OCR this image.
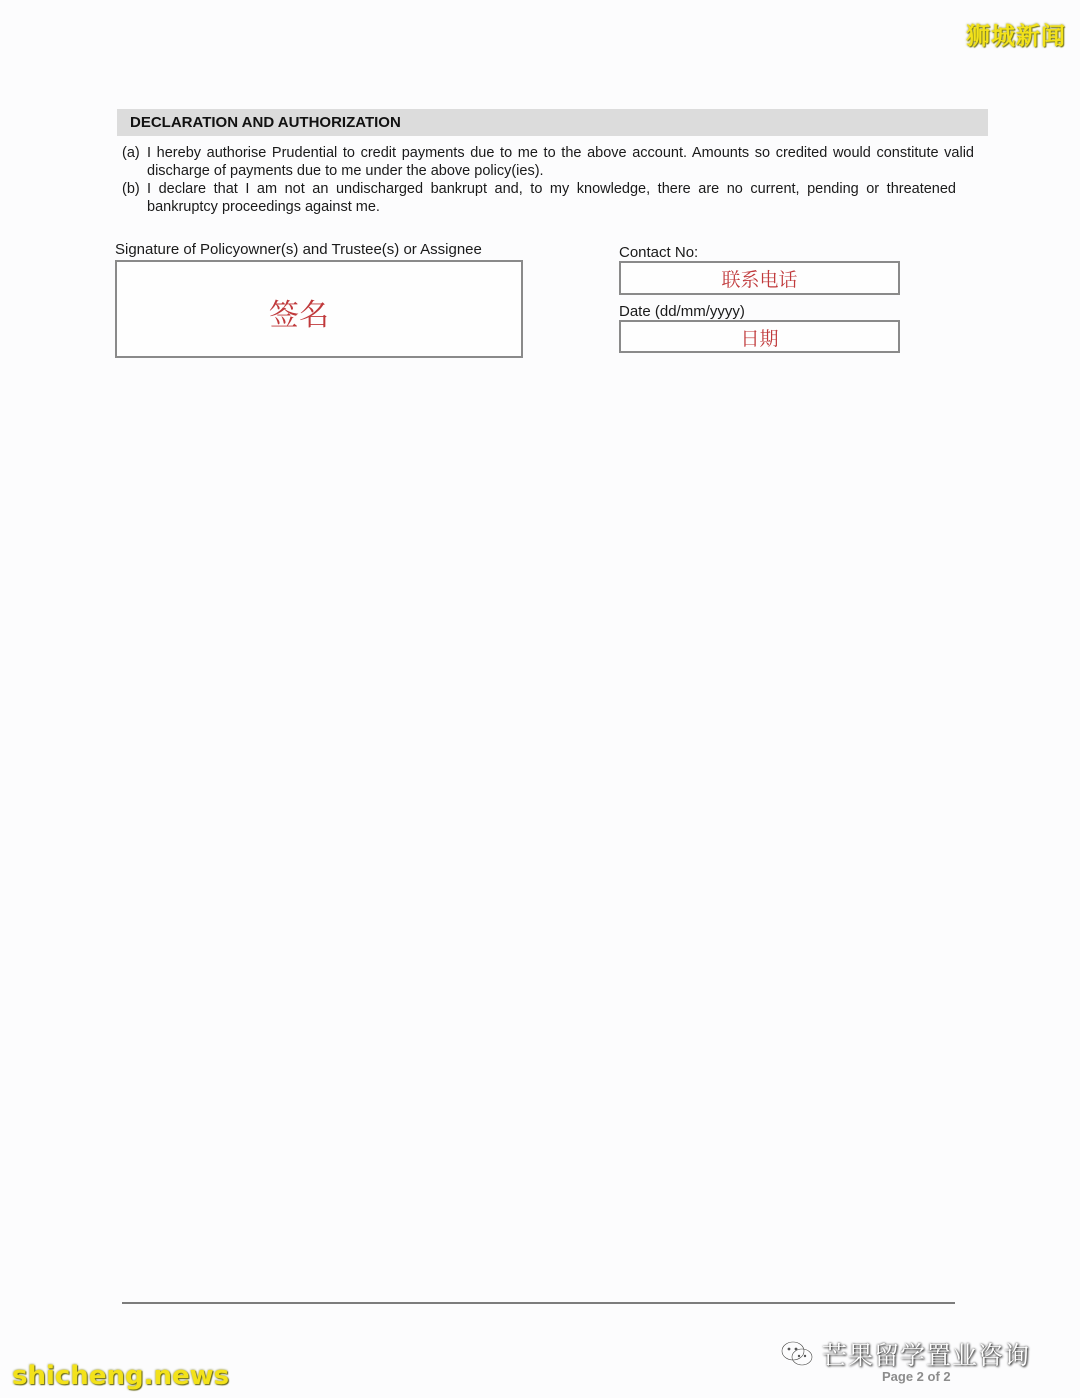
狮城新闻
DECLARATION AND AUTHORIZATION
(a) I hereby authorise Prudential to credit payments due to me to the above account. Amounts so credited would constitute valid discharge of payments due to me under the above policy(ies).
(b) I declare that I am not an undischarged bankrupt and, to my knowledge, there are no current, pending or threatened bankruptcy proceedings against me.
Signature of Policyowner(s) and Trustee(s) or Assignee
签名
Contact No:
联系电话
Date (dd/mm/yyyy)
日期
芒果留学置业咨询
Page 2 of 2
shicheng.news
